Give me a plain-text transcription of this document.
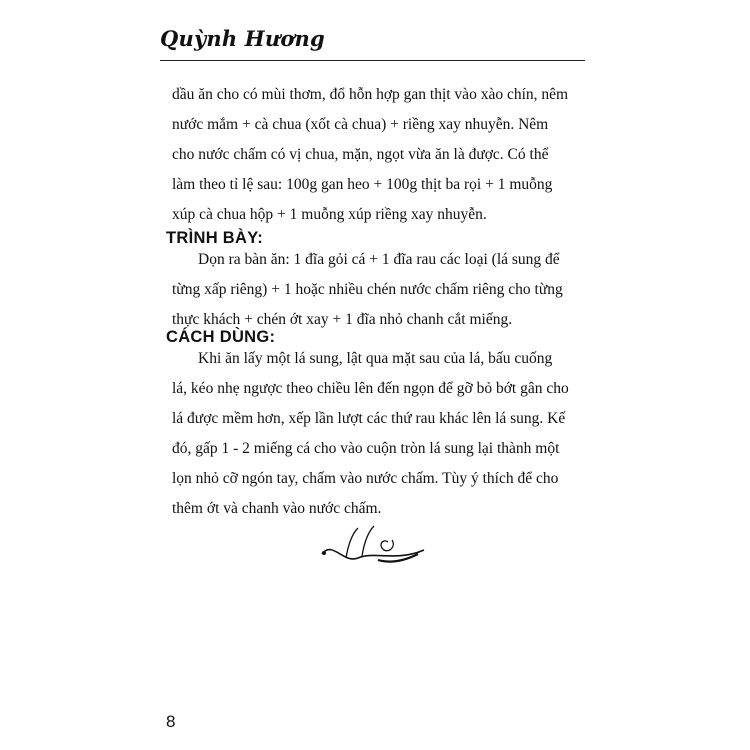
Quỳnh Hương

dầu ăn cho có mùi thơm, đổ hỗn hợp gan thịt vào xào chín, nêm
nước mắm + cà chua (xốt cà chua) + riềng xay nhuyễn. Nêm
cho nước chấm có vị chua, mặn, ngọt vừa ăn là được. Có thể
làm theo tỉ lệ sau: 100g gan heo + 100g thịt ba rọi + 1 muỗng
xúp cà chua hộp + 1 muỗng xúp riềng xay nhuyễn.

TRÌNH BÀY:

Dọn ra bàn ăn: 1 đĩa gỏi cá + 1 đĩa rau các loại (lá sung để
từng xấp riêng) + 1 hoặc nhiều chén nước chấm riêng cho từng
thực khách + chén ớt xay + 1 đĩa nhỏ chanh cắt miếng.

CÁCH DÙNG:

Khi ăn lấy một lá sung, lật qua mặt sau của lá, bấu cuống
lá, kéo nhẹ ngược theo chiều lên đến ngọn để gỡ bỏ bớt gân cho
lá được mềm hơn, xếp lần lượt các thứ rau khác lên lá sung. Kế
đó, gấp 1 - 2 miếng cá cho vào cuộn tròn lá sung lại thành một
lọn nhỏ cỡ ngón tay, chấm vào nước chấm. Tùy ý thích để cho
thêm ớt và chanh vào nước chấm.

8
